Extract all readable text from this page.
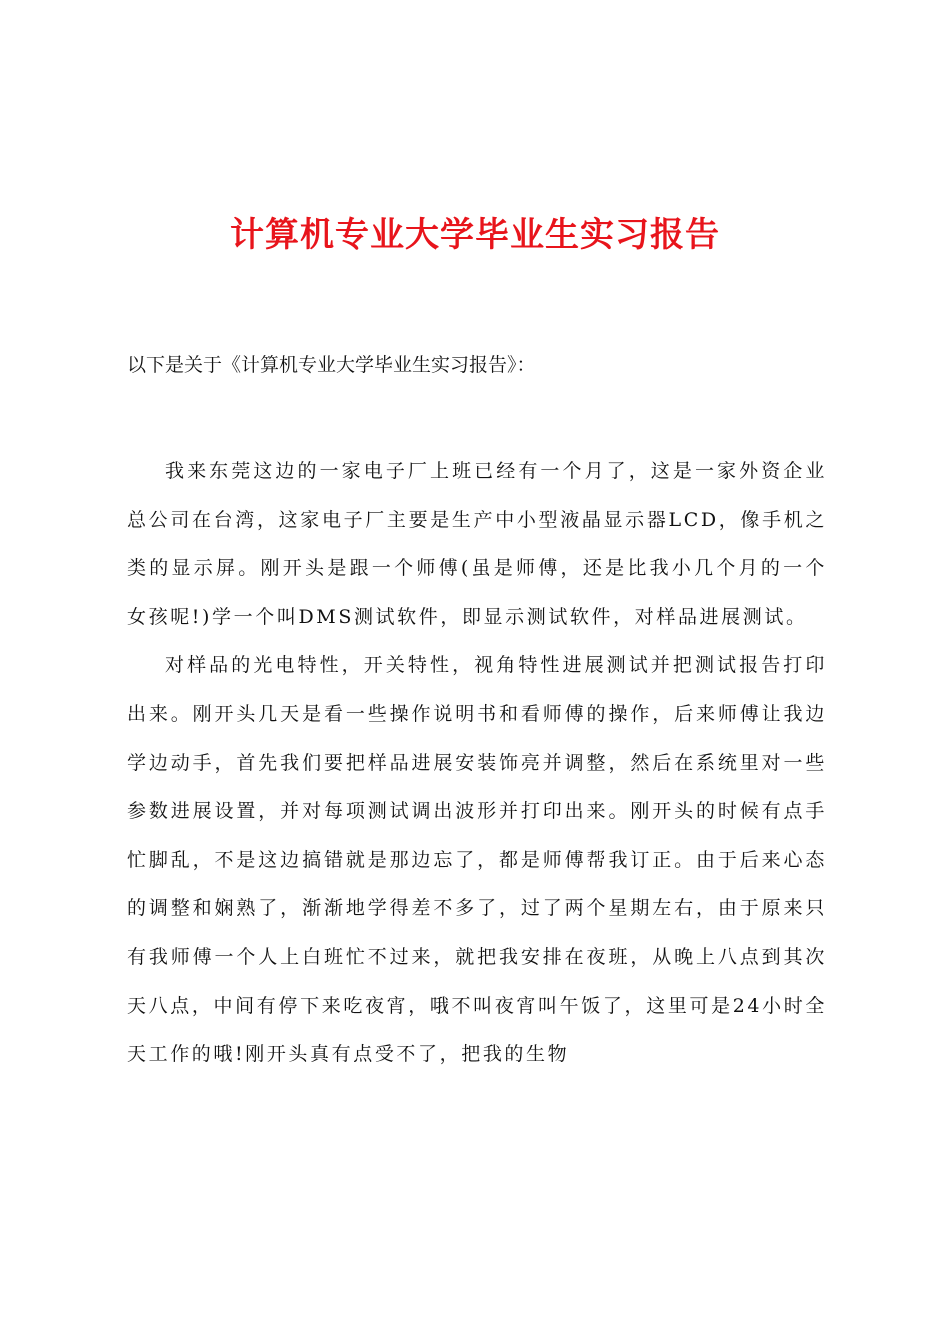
计算机专业大学毕业生实习报告

以下是关于《计算机专业大学毕业生实习报告》：

我来东莞这边的一家电子厂上班已经有一个月了，这是一家外资企业总公司在台湾，这家电子厂主要是生产中小型液晶显示器LCD，像手机之类的显示屏。刚开头是跟一个师傅(虽是师傅，还是比我小几个月的一个女孩呢!)学一个叫DMS测试软件，即显示测试软件，对样品进展测试。

对样品的光电特性，开关特性，视角特性进展测试并把测试报告打印出来。刚开头几天是看一些操作说明书和看师傅的操作，后来师傅让我边学边动手，首先我们要把样品进展安装饰亮并调整，然后在系统里对一些参数进展设置，并对每项测试调出波形并打印出来。刚开头的时候有点手忙脚乱，不是这边搞错就是那边忘了，都是师傅帮我订正。由于后来心态的调整和娴熟了，渐渐地学得差不多了，过了两个星期左右，由于原来只有我师傅一个人上白班忙不过来，就把我安排在夜班，从晚上八点到其次天八点，中间有停下来吃夜宵，哦不叫夜宵叫午饭了，这里可是24小时全天工作的哦!刚开头真有点受不了，把我的生物
